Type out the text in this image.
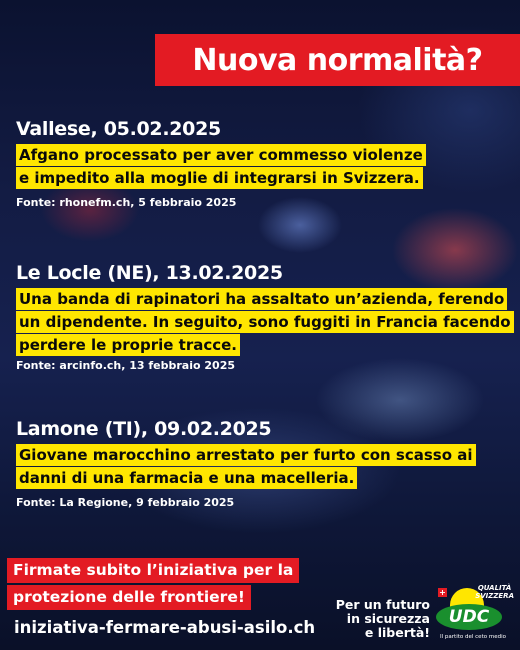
Nuova normalità?
Vallese, 05.02.2025
Afgano processato per aver commesso violenze
e impedito alla moglie di integrarsi in Svizzera.
Fonte: rhonefm.ch, 5 febbraio 2025
Le Locle (NE), 13.02.2025
Una banda di rapinatori ha assaltato un’azienda, ferendo
un dipendente. In seguito, sono fuggiti in Francia facendo
perdere le proprie tracce.
Fonte: arcinfo.ch, 13 febbraio 2025
Lamone (TI), 09.02.2025
Giovane marocchino arrestato per furto con scasso ai
danni di una farmacia e una macelleria.
Fonte: La Regione, 9 febbraio 2025
Firmate subito l’iniziativa per la
protezione delle frontiere!
iniziativa-fermare-abusi-asilo.ch
Per un futuro
in sicurezza
e libertà!
+	QUALITÀ
SVIZZERA
UDC
Il partito del ceto medio
